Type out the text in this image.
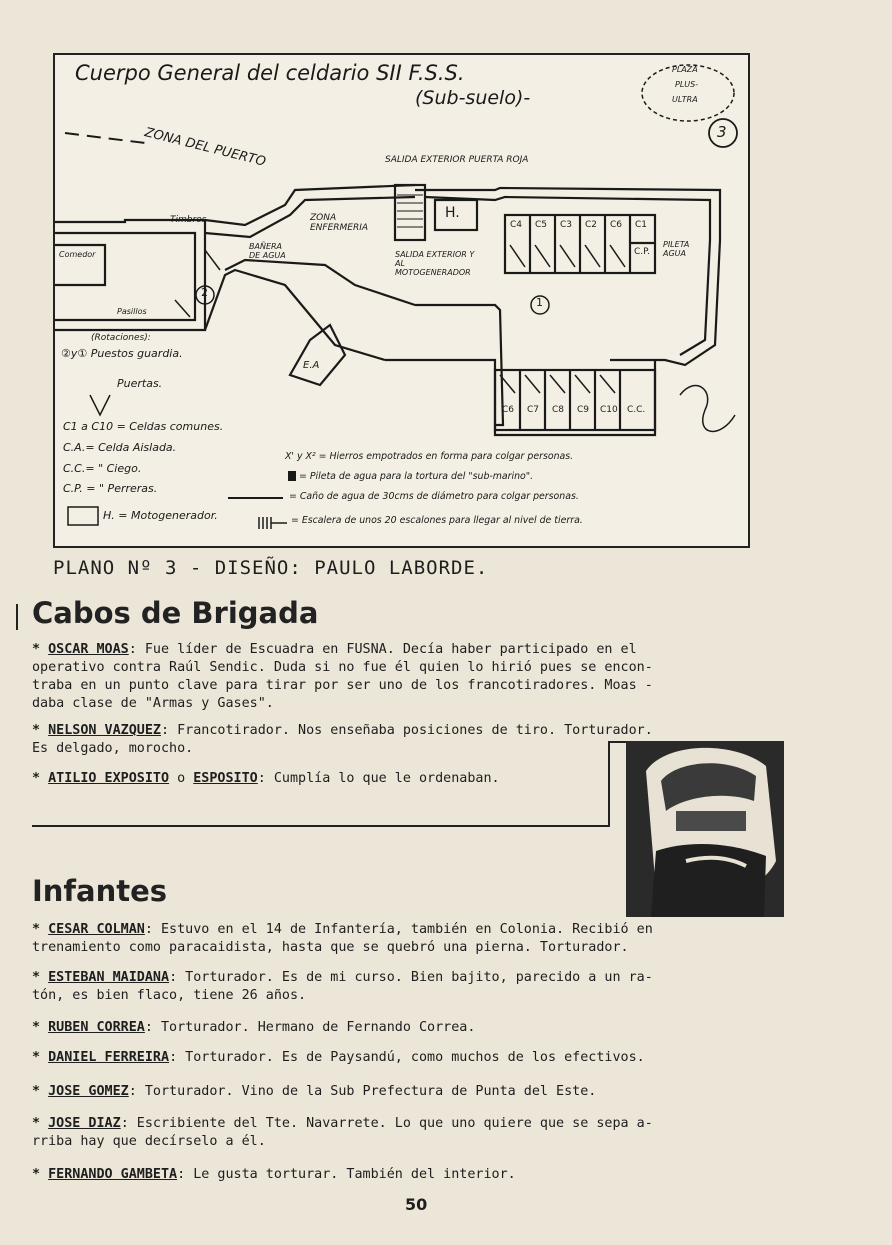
Cuerpo General del celdario SII F.S.S.
(Sub-suelo)-
PLAZA
PLUS-
ULTRA
3
ZONA DEL PUERTO	SALIDA EXTERIOR PUERTA ROJA
Timbres	ZONA ENFERMERIA
BAÑERA DE AGUA	SALIDA EXTERIOR Y AL MOTOGENERADOR
H.
PILETA AGUA
Comedor
Pasillos
(Rotaciones):
②y① Puestos guardia.
Puertas.
E.A
1
2
C4 C5 C3 C2 C6 C1
C.P.
C6 C7 C8 C9 C10 C.C.
C1 a C10 = Celdas comunes.
C.A.= Celda Aislada.
C.C.= " Ciego.
C.P. = " Perreras.
H. = Motogenerador.
X' y X² = Hierros empotrados en forma para colgar personas.
= Pileta de agua para la tortura del "sub-marino".
= Caño de agua de 30cms de diámetro para colgar personas.
= Escalera de unos 20 escalones para llegar al nivel de tierra.
PLANO Nº 3 - DISEÑO: PAULO LABORDE.
Cabos de Brigada
* OSCAR MOAS: Fue líder de Escuadra en FUSNA. Decía haber participado en el
operativo contra Raúl Sendic. Duda si no fue él quien lo hirió pues se encon-
traba en un punto clave para tirar por ser uno de los francotiradores. Moas -
daba clase de "Armas y Gases".
* NELSON VAZQUEZ: Francotirador. Nos enseñaba posiciones de tiro. Torturador.
Es delgado, morocho.
* ATILIO EXPOSITO o ESPOSITO: Cumplía lo que le ordenaban.
Infantes
* CESAR COLMAN: Estuvo en el 14 de Infantería, también en Colonia. Recibió en
trenamiento como paracaidista, hasta que se quebró una pierna. Torturador.
* ESTEBAN MAIDANA: Torturador. Es de mi curso. Bien bajito, parecido a un ra-
tón, es bien flaco, tiene 26 años.
* RUBEN CORREA: Torturador. Hermano de Fernando Correa.
* DANIEL FERREIRA: Torturador. Es de Paysandú, como muchos de los efectivos.
* JOSE GOMEZ: Torturador. Vino de la Sub Prefectura de Punta del Este.
* JOSE DIAZ: Escribiente del Tte. Navarrete. Lo que uno quiere que se sepa a-
rriba hay que decírselo a él.
* FERNANDO GAMBETA: Le gusta torturar. También del interior.
50
